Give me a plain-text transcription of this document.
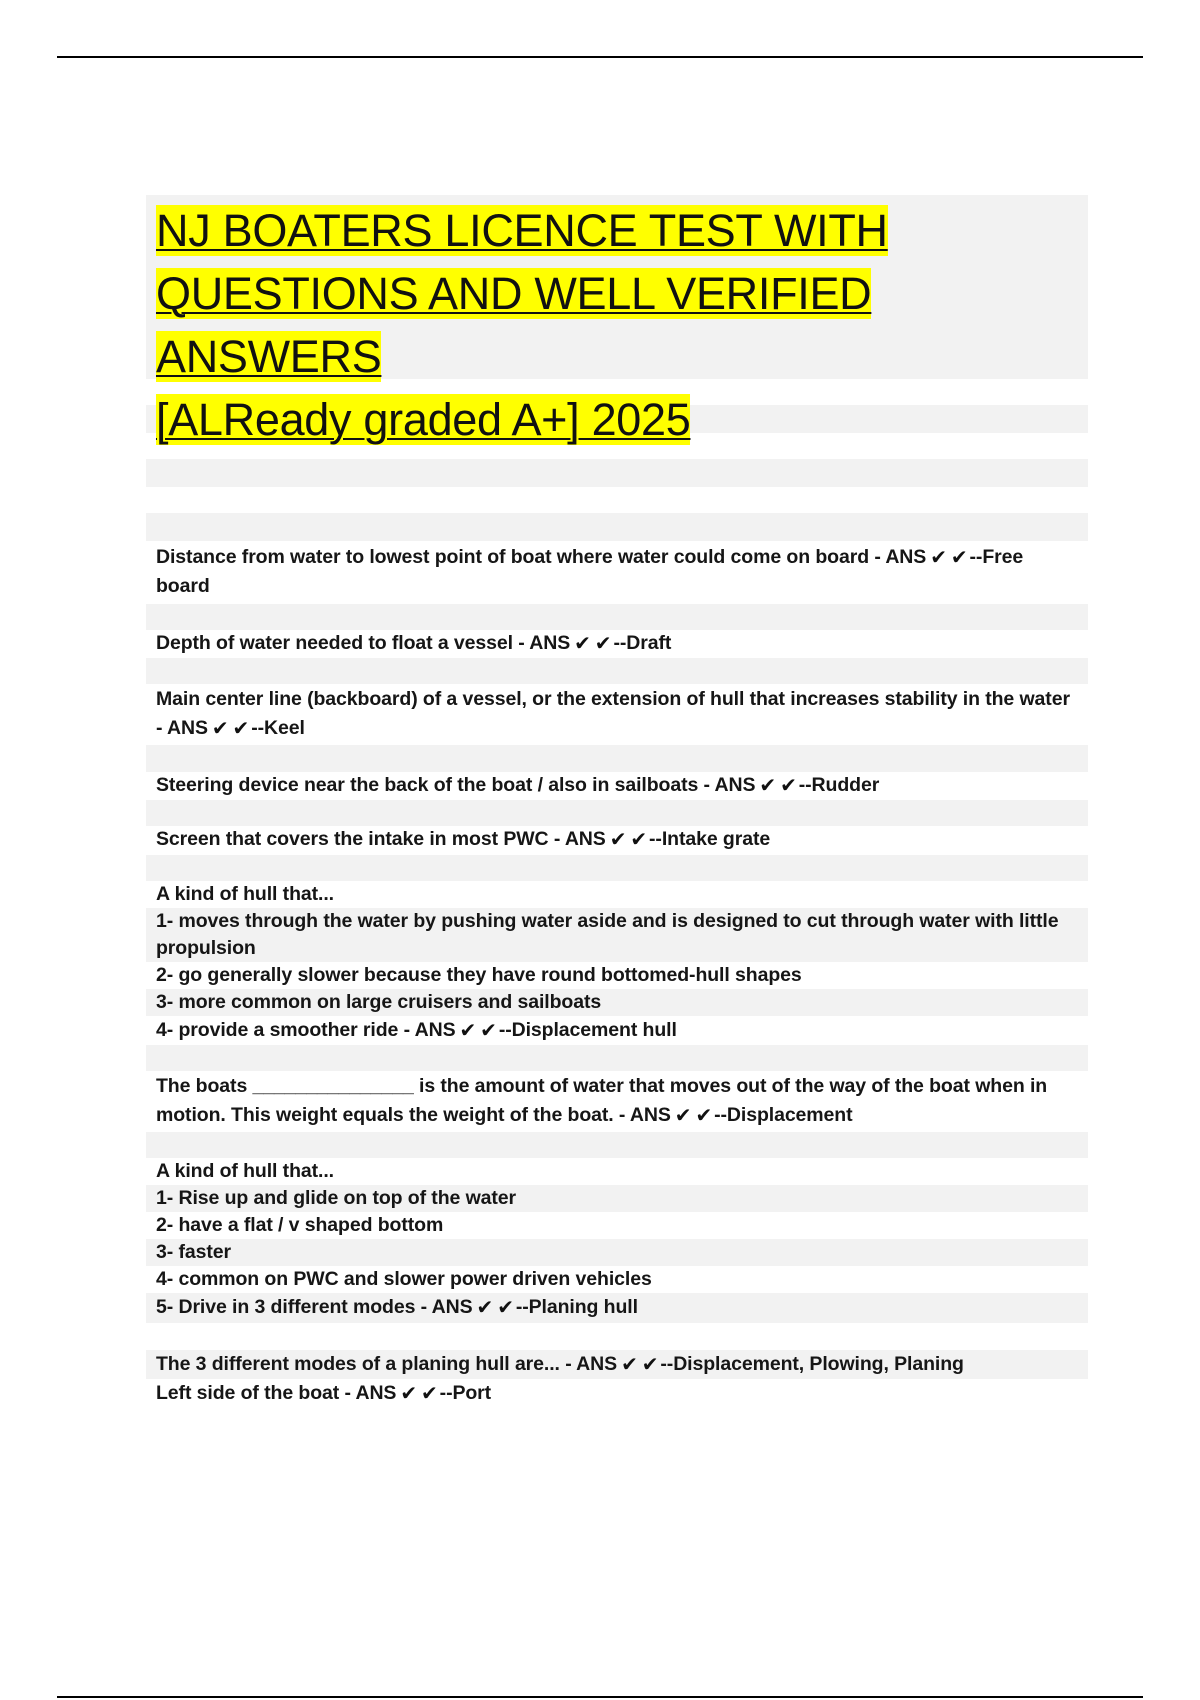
NJ BOATERS LICENCE TEST WITH
QUESTIONS AND WELL VERIFIED ANSWERS
[ALReady graded A+] 2025
Distance from water to lowest point of boat where water could come on board - ANS ✔ ✔ --Free board
Depth of water needed to float a vessel - ANS ✔ ✔ --Draft
Main center line (backboard) of a vessel, or the extension of hull that increases stability in the water - ANS ✔ ✔ --Keel
Steering device near the back of the boat / also in sailboats - ANS ✔ ✔ --Rudder
Screen that covers the intake in most PWC - ANS ✔ ✔ --Intake grate
A kind of hull that...
1- moves through the water by pushing water aside and is designed to cut through water with little propulsion
2- go generally slower because they have round bottomed-hull shapes
3- more common on large cruisers and sailboats
4- provide a smoother ride - ANS ✔ ✔ --Displacement hull
The boats _______________ is the amount of water that moves out of the way of the boat when in motion. This weight equals the weight of the boat. - ANS ✔ ✔ --Displacement
A kind of hull that...
1- Rise up and glide on top of the water
2- have a flat / v shaped bottom
3- faster
4- common on PWC and slower power driven vehicles
5- Drive in 3 different modes - ANS ✔ ✔ --Planing hull
The 3 different modes of a planing hull are... - ANS ✔ ✔ --Displacement, Plowing, Planing
Left side of the boat - ANS ✔ ✔ --Port
